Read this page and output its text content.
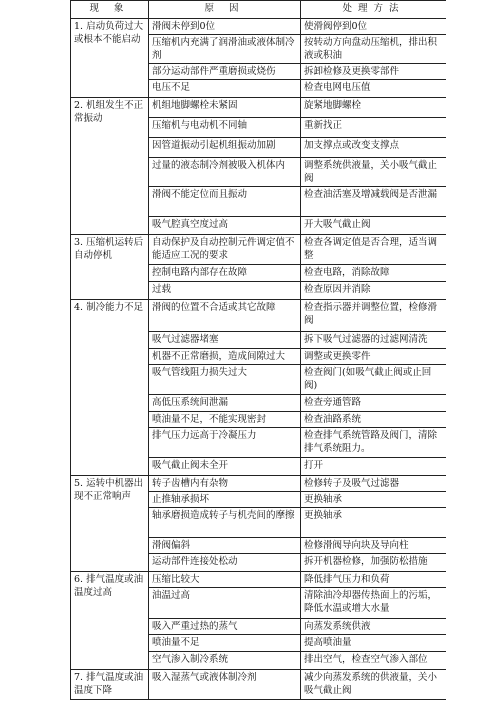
现 象	原 因	处理方法
1. 启动负荷过大或根本不能启动	滑阀未停到0位	使滑阀停到0位
	压缩机内充满了润滑油或液体制冷剂	按转动方向盘动压缩机，排出积液或积油
	部分运动部件严重磨损或烧伤	拆卸检修及更换零部件
	电压不足	检查电网电压值
2. 机组发生不正常振动	机组地脚螺栓未紧固	旋紧地脚螺栓
	压缩机与电动机不同轴	重新找正
	因管道振动引起机组振动加剧	加支撑点或改变支撑点
	过量的液态制冷剂被吸入机体内	调整系统供液量，关小吸气截止阀
	滑阀不能定位而且振动	检查油活塞及增减载阀是否泄漏
	吸气腔真空度过高	开大吸气截止阀
3. 压缩机运转后自动停机	自动保护及自动控制元件调定值不能适应工况的要求	检查各调定值是否合理，适当调整
	控制电路内部存在故障	检查电路，消除故障
	过载	检查原因并消除
4. 制冷能力不足	滑阀的位置不合适或其它故障	检查指示器并调整位置，检修滑阀
	吸气过滤器堵塞	拆下吸气过滤器的过滤网清洗
	机器不正常磨损，造成间隙过大	调整或更换零件
	吸气管线阻力损失过大	检查阀门(如吸气截止阀或止回阀)
	高低压系统间泄漏	检查旁通管路
	喷油量不足，不能实现密封	检查油路系统
	排气压力远高于冷凝压力	检查排气系统管路及阀门，清除排气系统阻力。
	吸气截止阀未全开	打开
5. 运转中机器出现不正常响声	转子齿槽内有杂物	检修转子及吸气过滤器
	止推轴承损坏	更换轴承
	轴承磨损造成转子与机壳间的摩擦	更换轴承
	滑阀偏斜	检修滑阀导向块及导向柱
	运动部件连接处松动	拆开机器检修，加强防松措施
6. 排气温度或油温度过高	压缩比较大	降低排气压力和负荷
	油温过高	清除油冷却器传热面上的污垢，降低水温或增大水量
	吸入严重过热的蒸气	向蒸发系统供液
	喷油量不足	提高喷油量
	空气渗入制冷系统	排出空气，检查空气渗入部位
7. 排气温度或油温度下降	吸入湿蒸气或液体制冷剂	减少向蒸发系统的供液量，关小吸气截止阀
